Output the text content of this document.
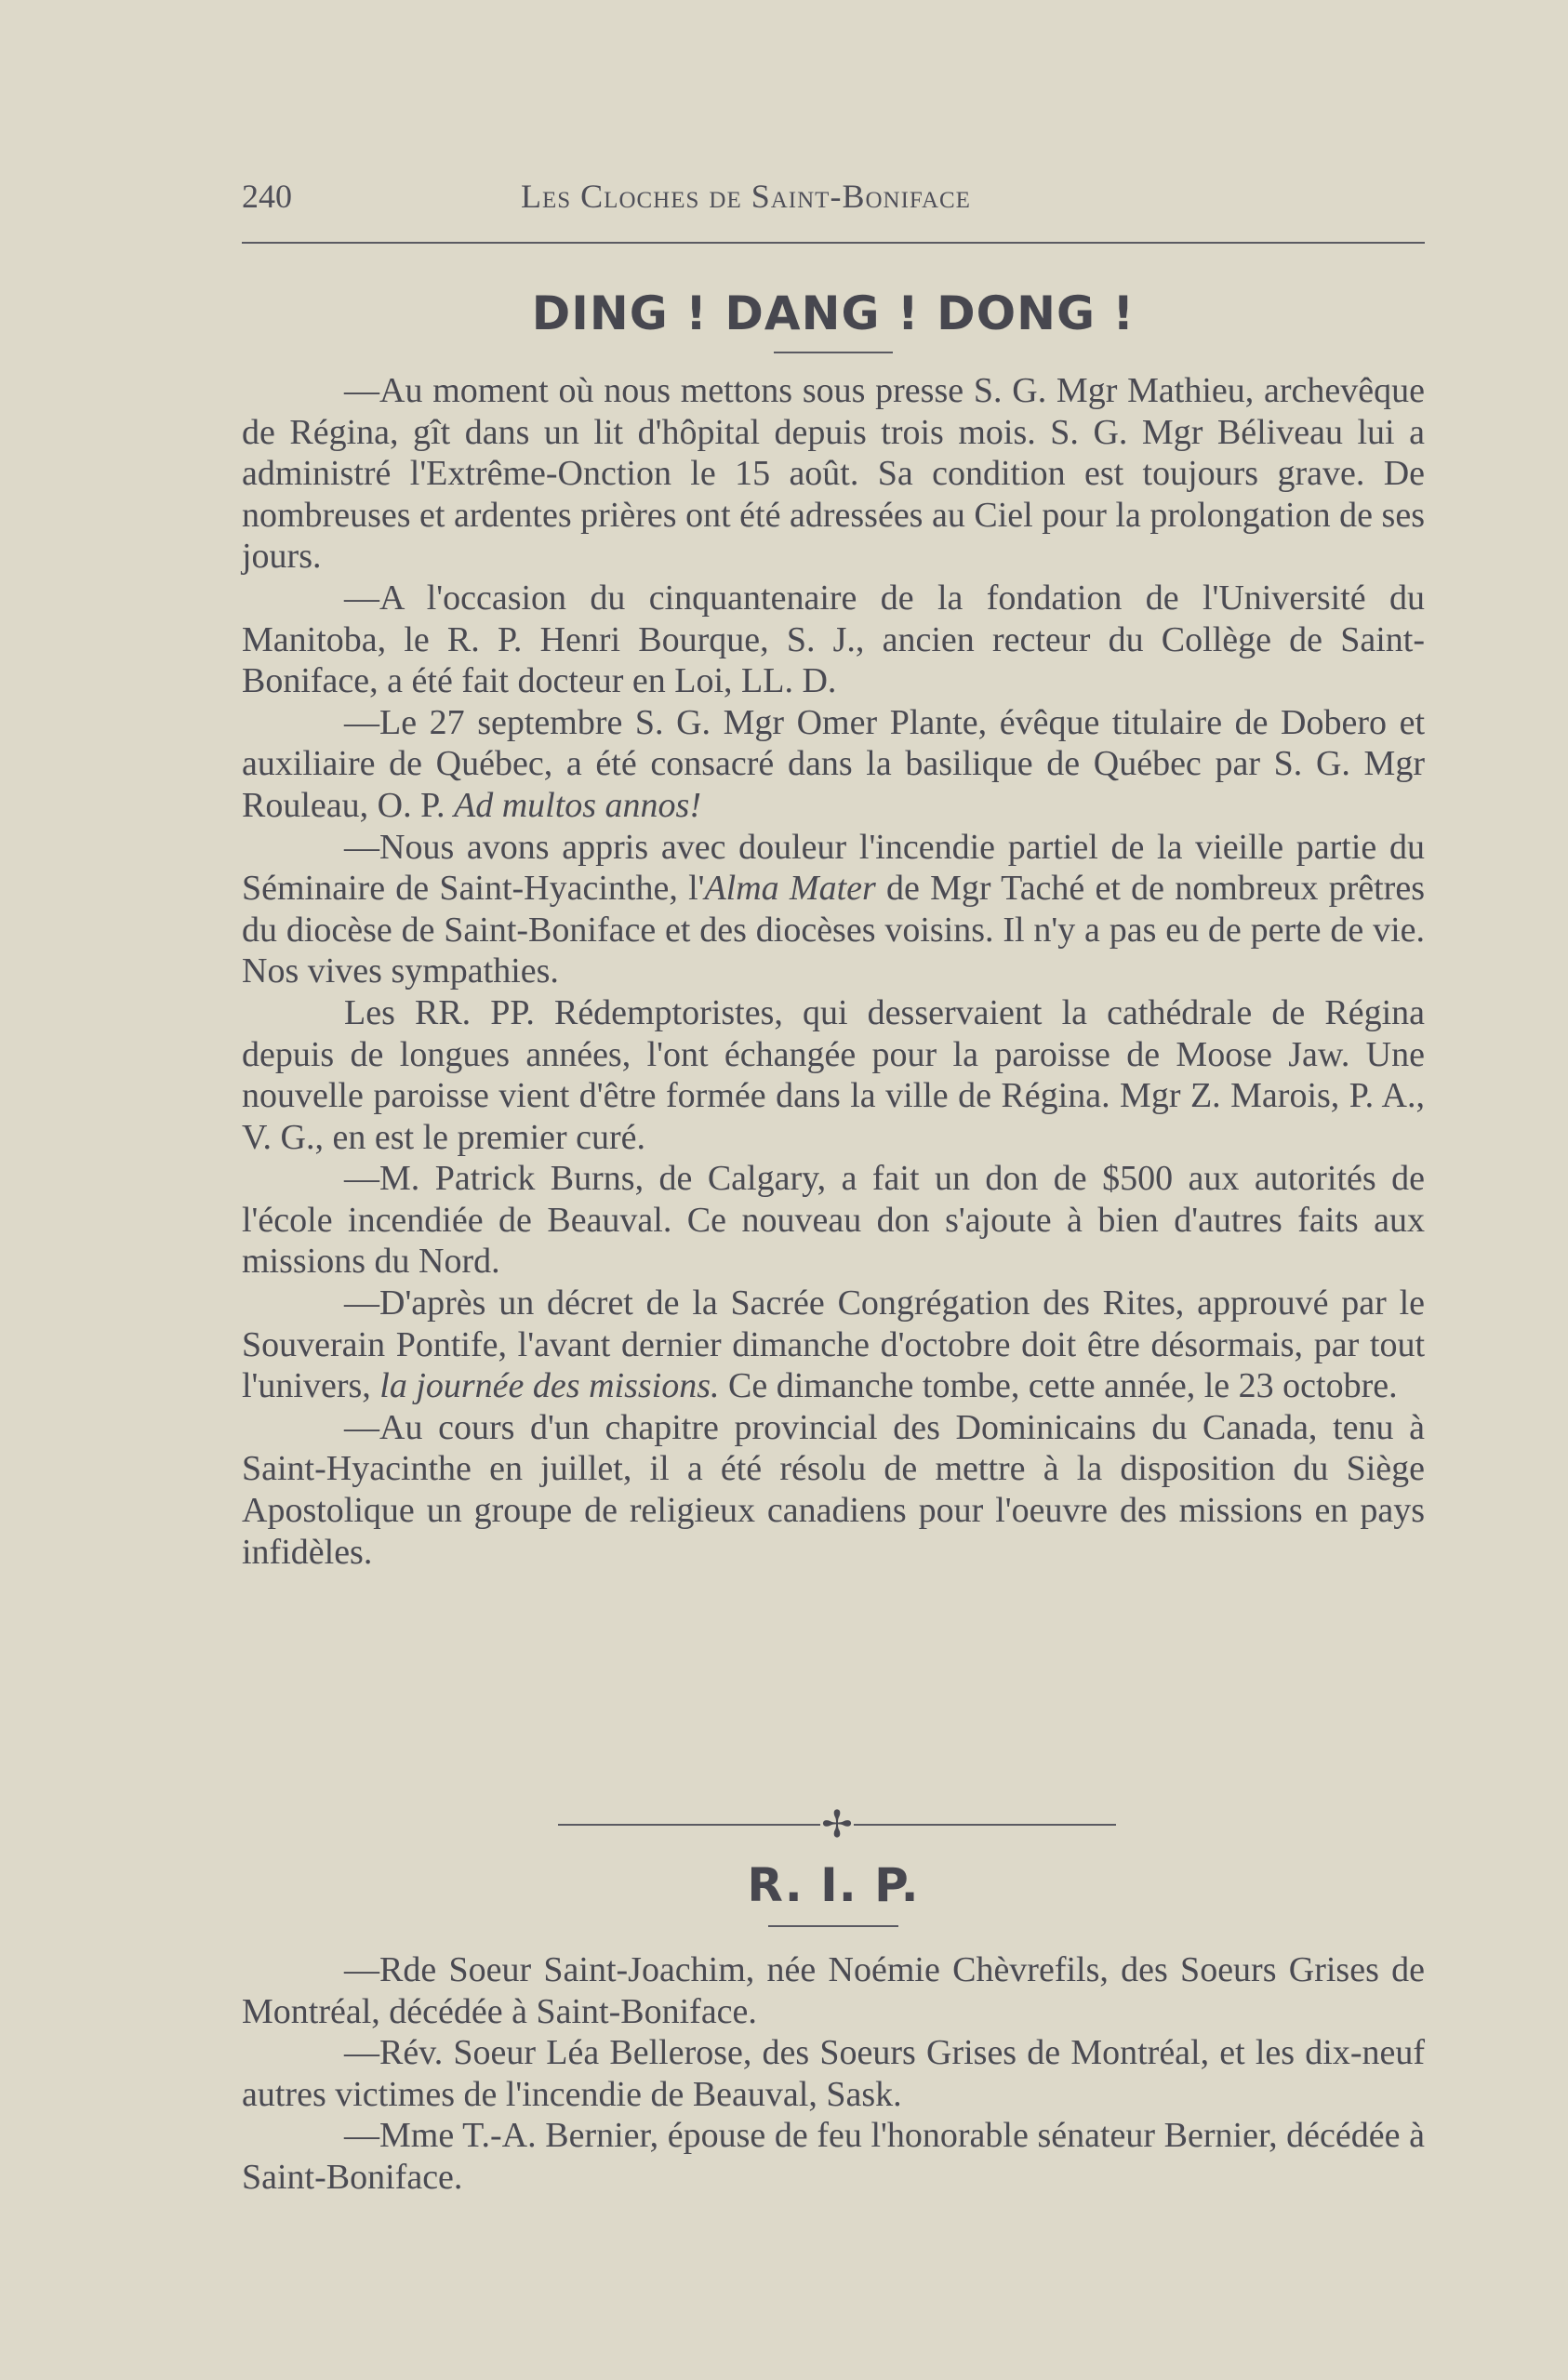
240	Les Cloches de Saint-Boniface
DING ! DANG ! DONG !

—Au moment où nous mettons sous presse S. G. Mgr Mathieu, archevêque de Régina, gît dans un lit d'hôpital depuis trois mois. S. G. Mgr Béliveau lui a administré l'Extrême-Onction le 15 août. Sa condition est toujours grave. De nombreuses et ardentes prières ont été adressées au Ciel pour la prolongation de ses jours.

—A l'occasion du cinquantenaire de la fondation de l'Université du Manitoba, le R. P. Henri Bourque, S. J., ancien recteur du Collège de Saint-Boniface, a été fait docteur en Loi, LL. D.

—Le 27 septembre S. G. Mgr Omer Plante, évêque titulaire de Dobero et auxiliaire de Québec, a été consacré dans la basilique de Québec par S. G. Mgr Rouleau, O. P. Ad multos annos!

—Nous avons appris avec douleur l'incendie partiel de la vieille partie du Séminaire de Saint-Hyacinthe, l'Alma Mater de Mgr Taché et de nombreux prêtres du diocèse de Saint-Boniface et des diocèses voisins. Il n'y a pas eu de perte de vie. Nos vives sympathies.

Les RR. PP. Rédemptoristes, qui desservaient la cathédrale de Régina depuis de longues années, l'ont échangée pour la paroisse de Moose Jaw. Une nouvelle paroisse vient d'être formée dans la ville de Régina. Mgr Z. Marois, P. A., V. G., en est le premier curé.

—M. Patrick Burns, de Calgary, a fait un don de $500 aux autorités de l'école incendiée de Beauval. Ce nouveau don s'ajoute à bien d'autres faits aux missions du Nord.

—D'après un décret de la Sacrée Congrégation des Rites, approuvé par le Souverain Pontife, l'avant dernier dimanche d'octobre doit être désormais, par tout l'univers, la journée des missions. Ce dimanche tombe, cette année, le 23 octobre.

—Au cours d'un chapitre provincial des Dominicains du Canada, tenu à Saint-Hyacinthe en juillet, il a été résolu de mettre à la disposition du Siège Apostolique un groupe de religieux canadiens pour l'oeuvre des missions en pays infidèles.

✢
R. I. P.

—Rde Soeur Saint-Joachim, née Noémie Chèvrefils, des Soeurs Grises de Montréal, décédée à Saint-Boniface.

—Rév. Soeur Léa Bellerose, des Soeurs Grises de Montréal, et les dix-neuf autres victimes de l'incendie de Beauval, Sask.

—Mme T.-A. Bernier, épouse de feu l'honorable sénateur Bernier, décédée à Saint-Boniface.
